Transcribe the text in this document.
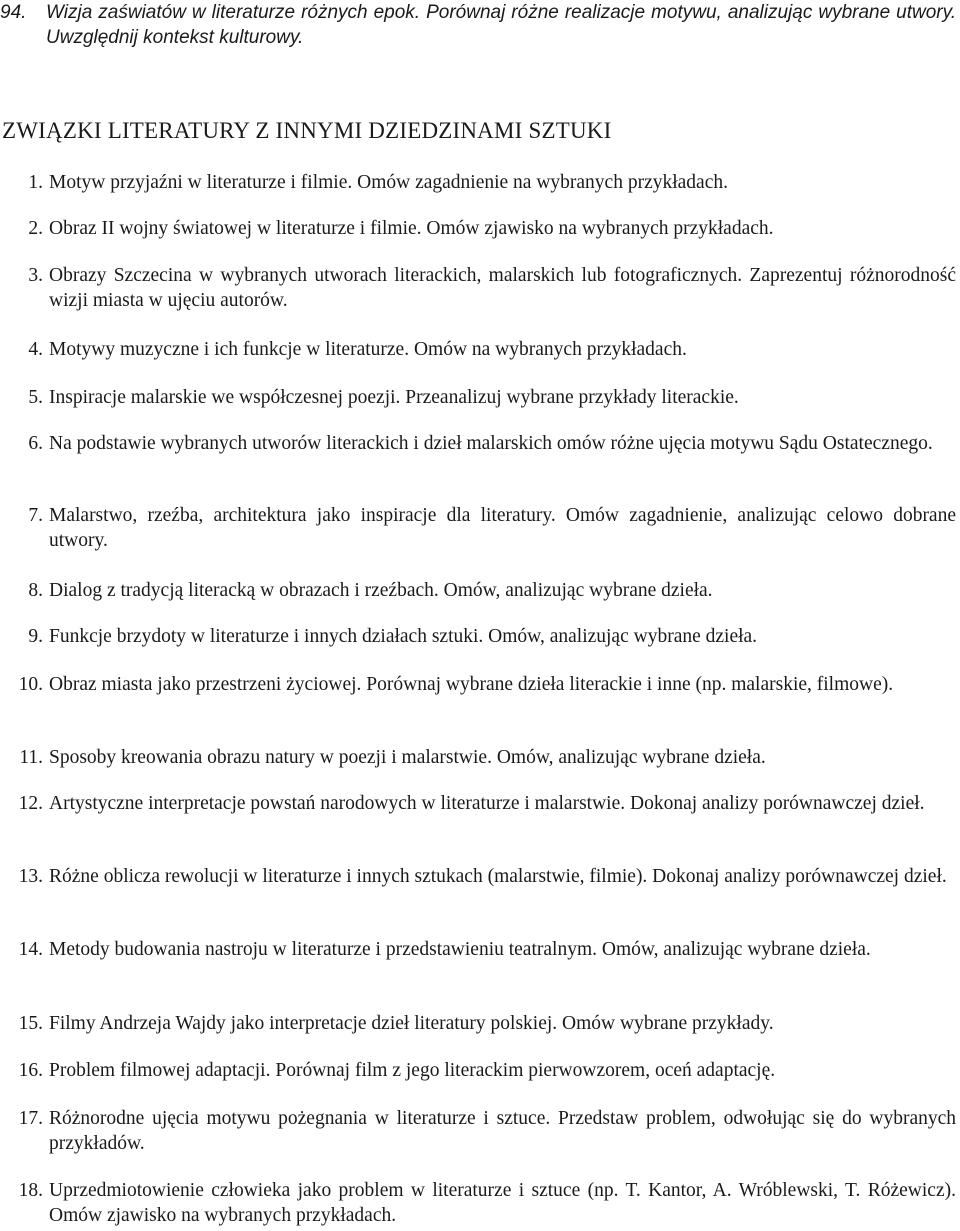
94.	Wizja zaświatów w literaturze różnych epok. Porównaj różne realizacje motywu, analizując wybrane utwory. Uwzględnij kontekst kulturowy.
ZWIĄZKI LITERATURY Z INNYMI DZIEDZINAMI SZTUKI
1. Motyw przyjaźni w literaturze i filmie. Omów zagadnienie na wybranych przykładach.
2. Obraz II wojny światowej w literaturze i filmie. Omów zjawisko na wybranych przykładach.
3. Obrazy Szczecina w wybranych utworach literackich, malarskich lub fotograficznych. Zaprezentuj różnorodność wizji miasta w ujęciu autorów.
4. Motywy muzyczne i ich funkcje w literaturze. Omów na wybranych przykładach.
5. Inspiracje malarskie we współczesnej poezji. Przeanalizuj wybrane przykłady literackie.
6. Na podstawie wybranych utworów literackich i dzieł malarskich omów różne ujęcia motywu Sądu Ostatecznego.
7. Malarstwo, rzeźba, architektura jako inspiracje dla literatury. Omów zagadnienie, analizując celowo dobrane utwory.
8. Dialog z tradycją literacką w obrazach i rzeźbach. Omów, analizując wybrane dzieła.
9. Funkcje brzydoty w literaturze i innych działach sztuki. Omów, analizując wybrane dzieła.
10. Obraz miasta jako przestrzeni życiowej. Porównaj wybrane dzieła literackie i inne (np. malarskie, filmowe).
11. Sposoby kreowania obrazu natury w poezji i malarstwie. Omów, analizując wybrane dzieła.
12. Artystyczne interpretacje powstań narodowych w literaturze i malarstwie. Dokonaj analizy porównawczej dzieł.
13. Różne oblicza rewolucji w literaturze i innych sztukach (malarstwie, filmie). Dokonaj analizy porównawczej dzieł.
14. Metody budowania nastroju w literaturze i przedstawieniu teatralnym. Omów, analizując wybrane dzieła.
15. Filmy Andrzeja Wajdy jako interpretacje dzieł literatury polskiej. Omów wybrane przykłady.
16. Problem filmowej adaptacji. Porównaj film z jego literackim pierwowzorem, oceń adaptację.
17. Różnorodne ujęcia motywu pożegnania w literaturze i sztuce. Przedstaw problem, odwołując się do wybranych przykładów.
18. Uprzedmiotowienie człowieka jako problem w literaturze i sztuce (np. T. Kantor, A. Wróblewski, T. Różewicz). Omów zjawisko na wybranych przykładach.
